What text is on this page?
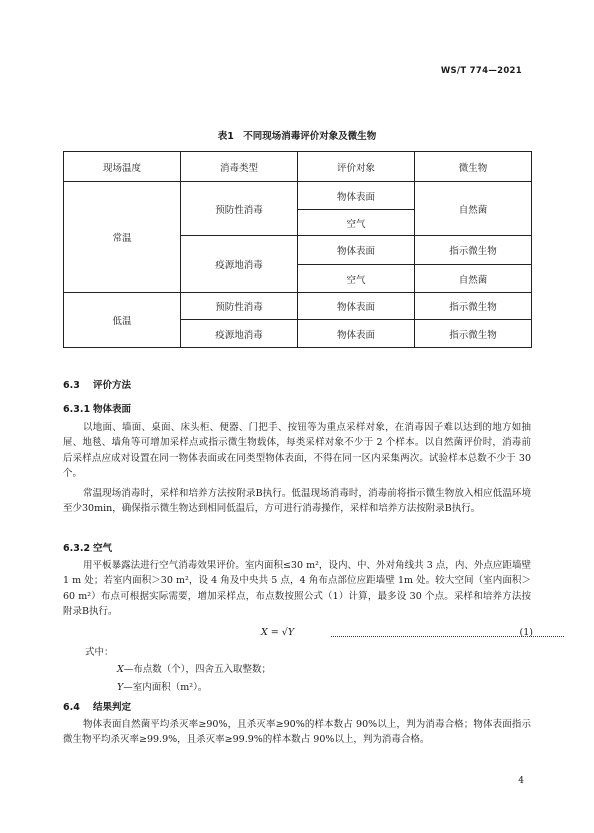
WS/T 774—2021
表1　不同现场消毒评价对象及微生物
现场温度	消毒类型	评价对象	微生物
常温	预防性消毒	物体表面	自然菌
		空气	
	疫源地消毒	物体表面	指示微生物
		空气	自然菌
低温	预防性消毒	物体表面	指示微生物
	疫源地消毒	物体表面	指示微生物
6.3 评价方法
6.3.1 物体表面

以地面、墙面、桌面、床头柜、便器、门把手、按钮等为重点采样对象，在消毒因子难以达到的地方如抽屉、地毯、墙角等可增加采样点或指示微生物载体，每类采样对象不少于 2 个样本。以自然菌评价时，消毒前后采样点应成对设置在同一物体表面或在同类型物体表面，不得在同一区内采集两次。试验样本总数不少于 30 个。

常温现场消毒时，采样和培养方法按附录B执行。低温现场消毒时，消毒前将指示微生物放入相应低温环境至少30min，确保指示微生物达到相同低温后，方可进行消毒操作，采样和培养方法按附录B执行。

6.3.2 空气

用平板暴露法进行空气消毒效果评价。室内面积≤30 m²，设内、中、外对角线共 3 点，内、外点应距墙壁 1 m 处；若室内面积＞30 m²，设 4 角及中央共 5 点，4 角布点部位应距墙壁 1m 处。较大空间（室内面积＞60 m²）布点可根据实际需要，增加采样点，布点数按照公式（1）计算，最多设 30 个点。采样和培养方法按附录B执行。

X = √Y	(1)
式中：
X—布点数（个），四舍五入取整数；
Y—室内面积（m²）。
6.4 结果判定

物体表面自然菌平均杀灭率≥90%，且杀灭率≥90%的样本数占 90%以上，判为消毒合格；物体表面指示微生物平均杀灭率≥99.9%，且杀灭率≥99.9%的样本数占 90%以上，判为消毒合格。

4
